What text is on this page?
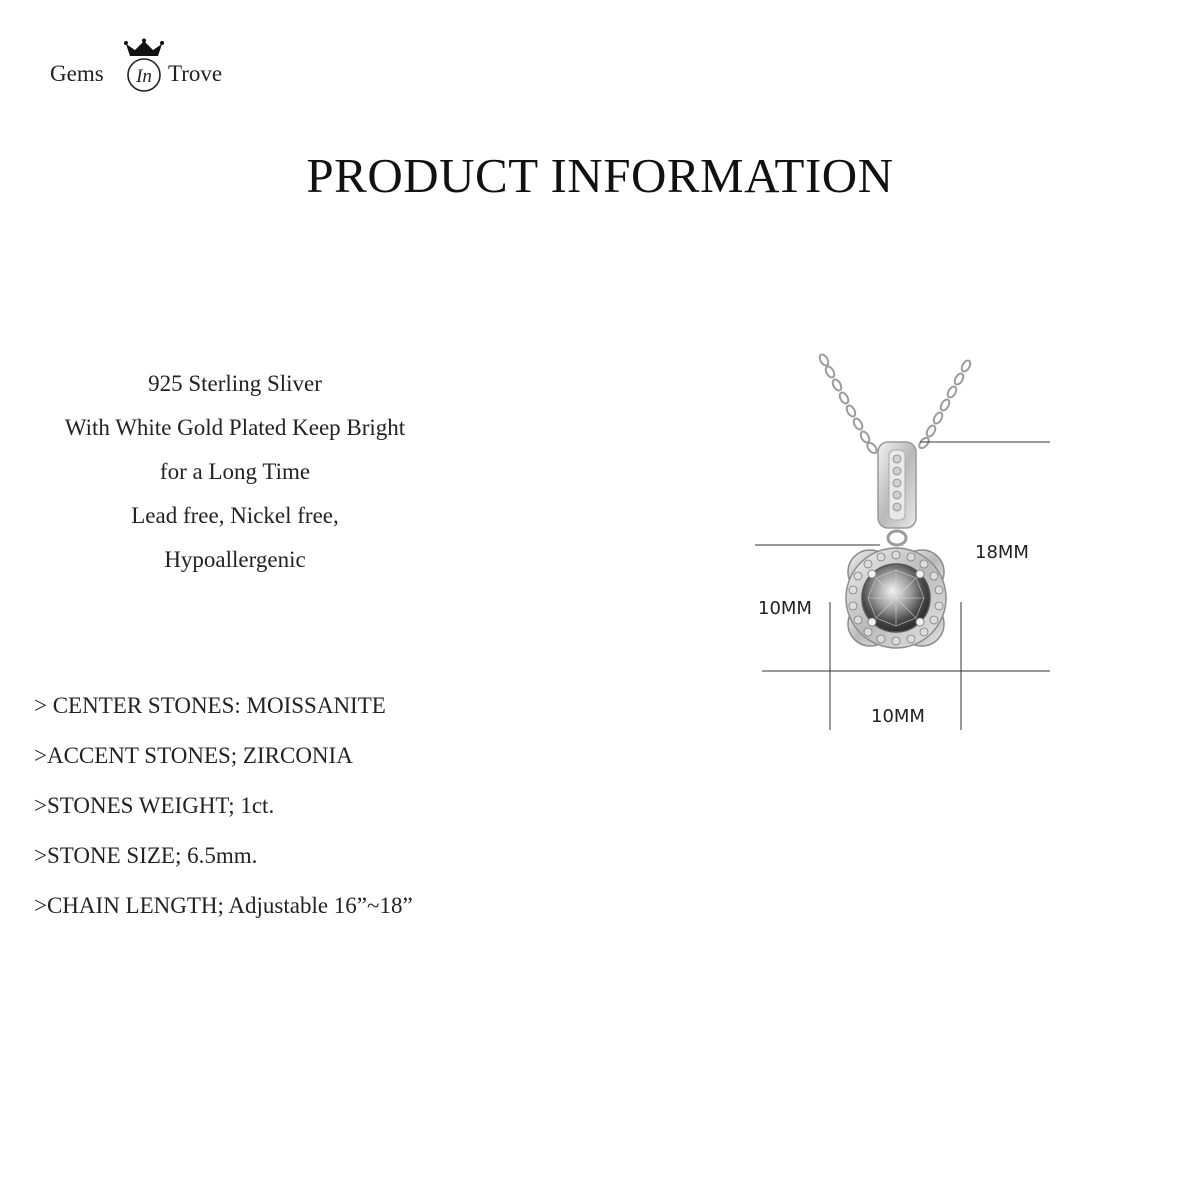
Gems In Trove
PRODUCT INFORMATION
925 Sterling Sliver
With White Gold Plated Keep Bright
for a Long Time
Lead free, Nickel free,
Hypoallergenic
> CENTER STONES: MOISSANITE
>ACCENT STONES; ZIRCONIA
>STONES WEIGHT; 1ct.
>STONE SIZE; 6.5mm.
>CHAIN LENGTH; Adjustable 16”~18”
18MM
10MM
10MM
